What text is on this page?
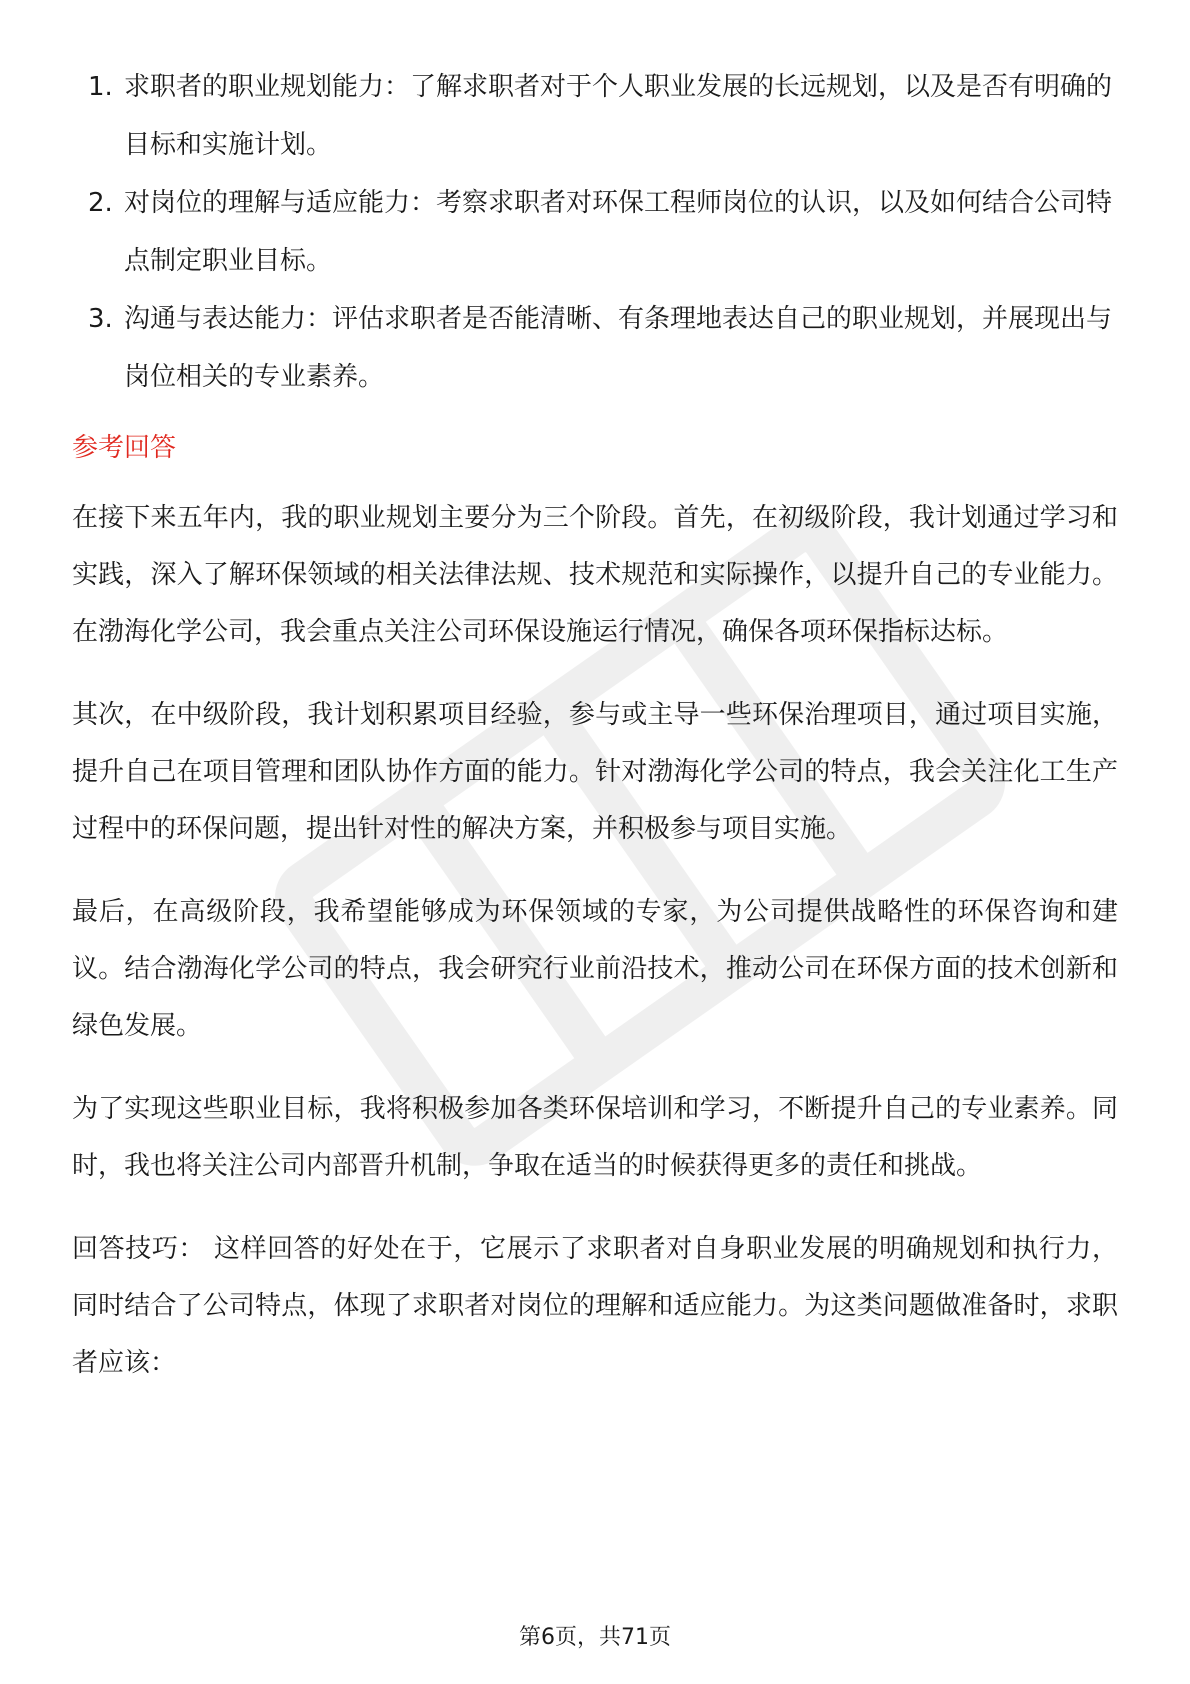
1. 求职者的职业规划能力：了解求职者对于个人职业发展的长远规划，以及是否有明确的目标和实施计划。
2. 对岗位的理解与适应能力：考察求职者对环保工程师岗位的认识，以及如何结合公司特点制定职业目标。
3. 沟通与表达能力：评估求职者是否能清晰、有条理地表达自己的职业规划，并展现出与岗位相关的专业素养。
参考回答

在接下来五年内，我的职业规划主要分为三个阶段。首先，在初级阶段，我计划通过学习和实践，深入了解环保领域的相关法律法规、技术规范和实际操作，以提升自己的专业能力。在渤海化学公司，我会重点关注公司环保设施运行情况，确保各项环保指标达标。

其次，在中级阶段，我计划积累项目经验，参与或主导一些环保治理项目，通过项目实施，提升自己在项目管理和团队协作方面的能力。针对渤海化学公司的特点，我会关注化工生产过程中的环保问题，提出针对性的解决方案，并积极参与项目实施。

最后，在高级阶段，我希望能够成为环保领域的专家，为公司提供战略性的环保咨询和建议。结合渤海化学公司的特点，我会研究行业前沿技术，推动公司在环保方面的技术创新和绿色发展。

为了实现这些职业目标，我将积极参加各类环保培训和学习，不断提升自己的专业素养。同时，我也将关注公司内部晋升机制，争取在适当的时候获得更多的责任和挑战。

回答技巧： 这样回答的好处在于，它展示了求职者对自身职业发展的明确规划和执行力，同时结合了公司特点，体现了求职者对岗位的理解和适应能力。为这类问题做准备时，求职者应该：

第6页，共71页
